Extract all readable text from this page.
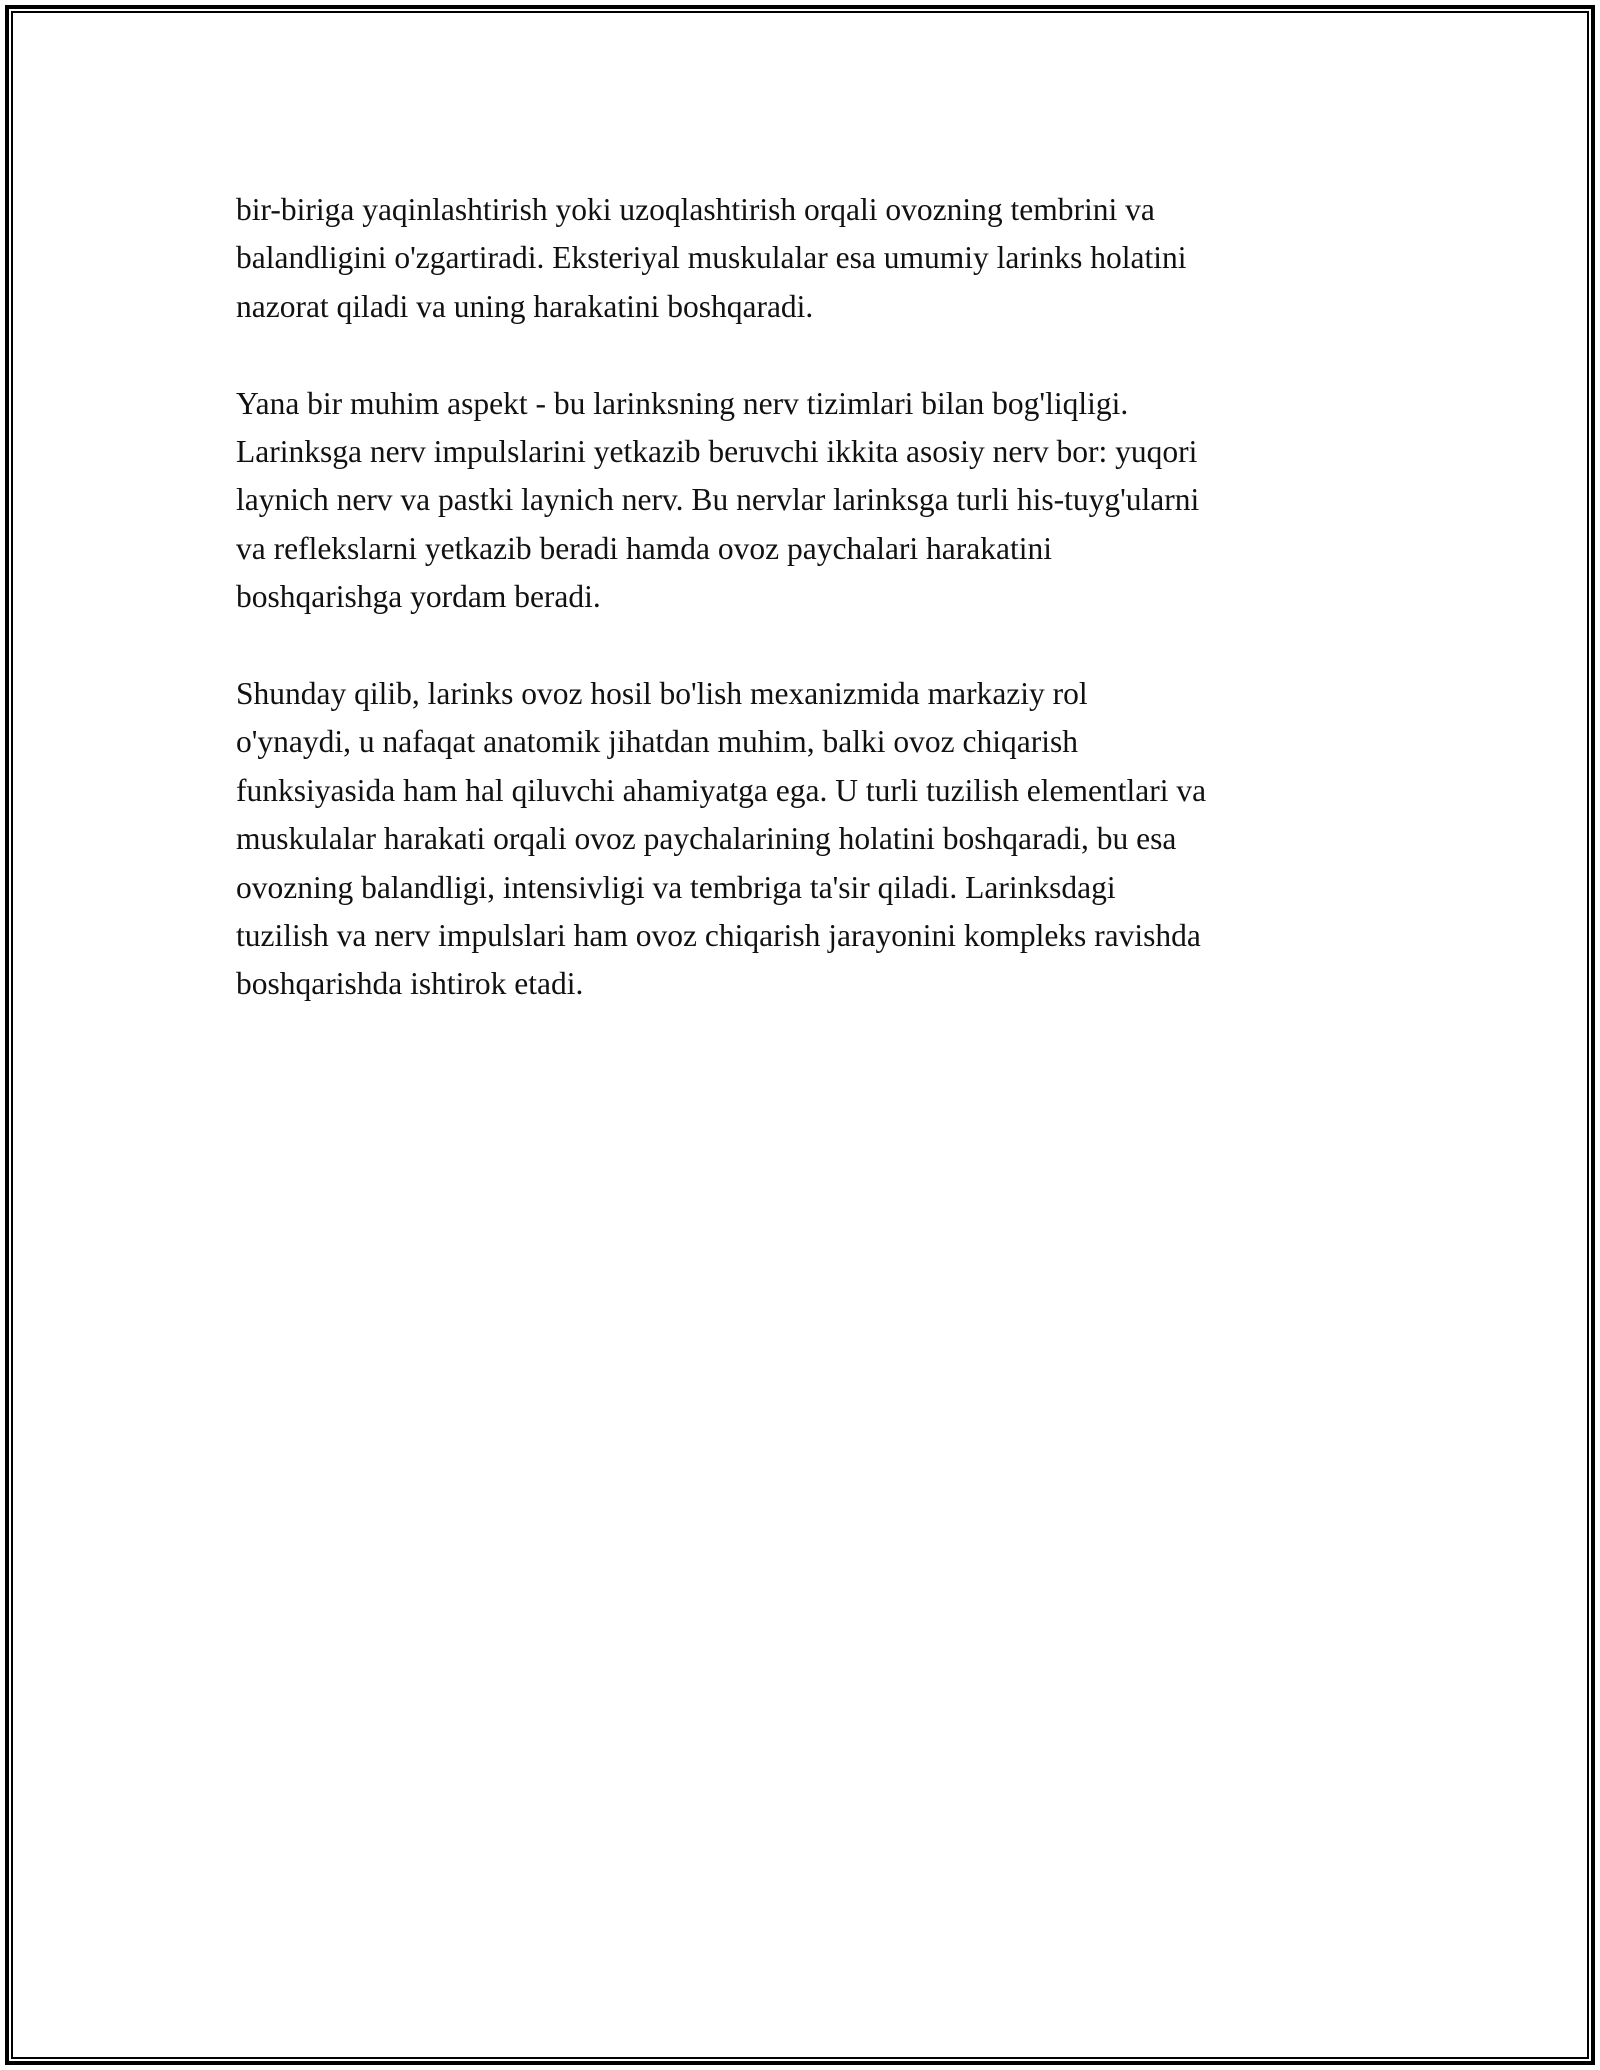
bir-biriga yaqinlashtirish yoki uzoqlashtirish orqali ovozning tembrini va
balandligini o'zgartiradi. Eksteriyal muskulalar esa umumiy larinks holatini
nazorat qiladi va uning harakatini boshqaradi.

Yana bir muhim aspekt - bu larinksning nerv tizimlari bilan bog'liqligi.
Larinksga nerv impulslarini yetkazib beruvchi ikkita asosiy nerv bor: yuqori
laynich nerv va pastki laynich nerv. Bu nervlar larinksga turli his-tuyg'ularni
va reflekslarni yetkazib beradi hamda ovoz paychalari harakatini
boshqarishga yordam beradi.

Shunday qilib, larinks ovoz hosil bo'lish mexanizmida markaziy rol
o'ynaydi, u nafaqat anatomik jihatdan muhim, balki ovoz chiqarish
funksiyasida ham hal qiluvchi ahamiyatga ega. U turli tuzilish elementlari va
muskulalar harakati orqali ovoz paychalarining holatini boshqaradi, bu esa
ovozning balandligi, intensivligi va tembriga ta'sir qiladi. Larinksdagi
tuzilish va nerv impulslari ham ovoz chiqarish jarayonini kompleks ravishda
boshqarishda ishtirok etadi.
